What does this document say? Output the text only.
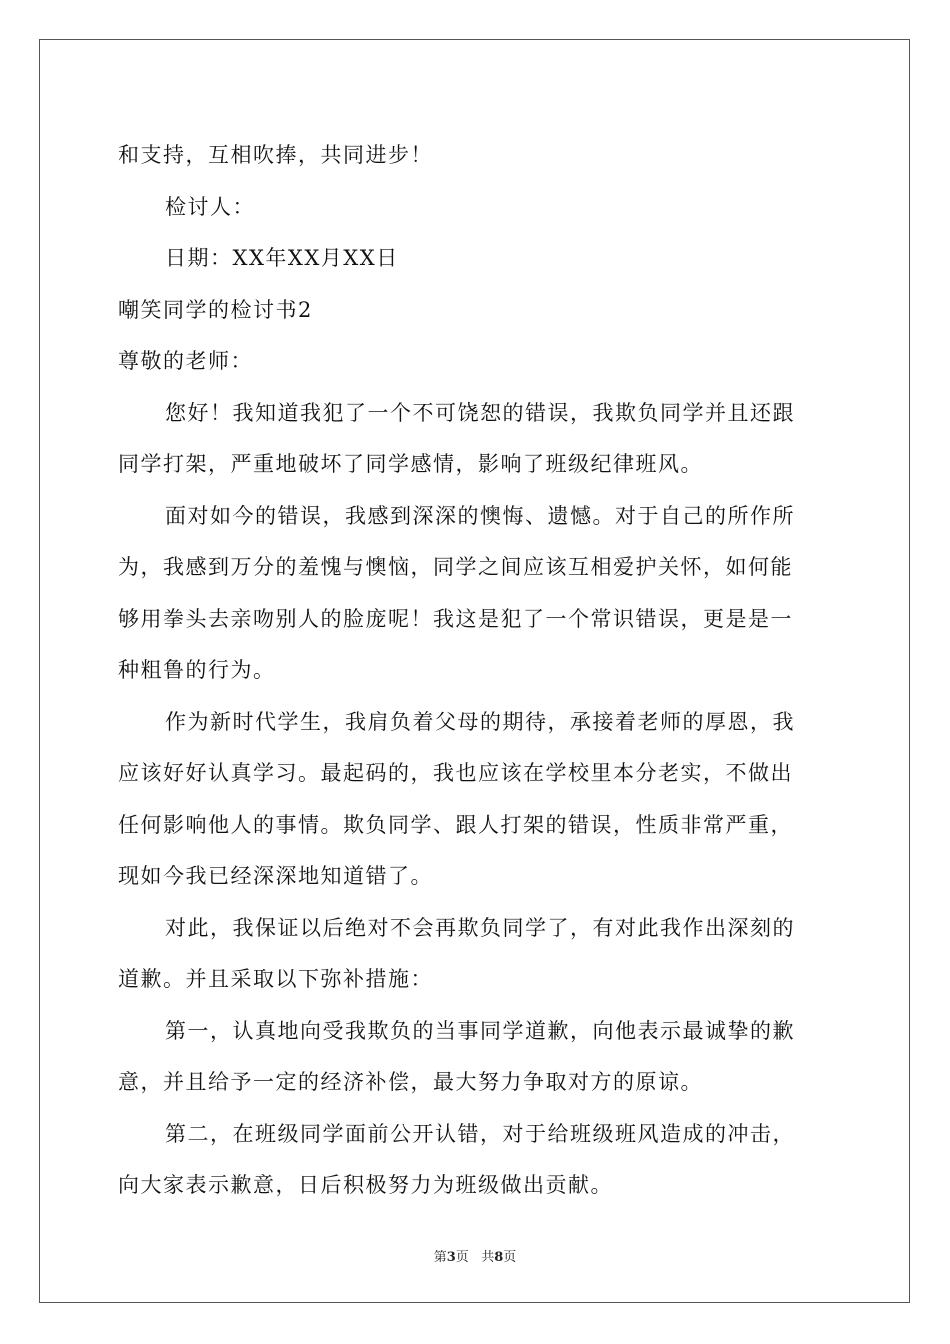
和支持，互相吹捧，共同进步！
检讨人：
日期：XX年XX月XX日
嘲笑同学的检讨书2
尊敬的老师：
您好！我知道我犯了一个不可饶恕的错误，我欺负同学并且还跟
同学打架，严重地破坏了同学感情，影响了班级纪律班风。
面对如今的错误，我感到深深的懊悔、遗憾。对于自己的所作所
为，我感到万分的羞愧与懊恼，同学之间应该互相爱护关怀，如何能
够用拳头去亲吻别人的脸庞呢！我这是犯了一个常识错误，更是是一
种粗鲁的行为。
作为新时代学生，我肩负着父母的期待，承接着老师的厚恩，我
应该好好认真学习。最起码的，我也应该在学校里本分老实，不做出
任何影响他人的事情。欺负同学、跟人打架的错误，性质非常严重，
现如今我已经深深地知道错了。
对此，我保证以后绝对不会再欺负同学了，有对此我作出深刻的
道歉。并且采取以下弥补措施：
第一，认真地向受我欺负的当事同学道歉，向他表示最诚挚的歉
意，并且给予一定的经济补偿，最大努力争取对方的原谅。
第二，在班级同学面前公开认错，对于给班级班风造成的冲击，
向大家表示歉意，日后积极努力为班级做出贡献。
第3页 共8页
